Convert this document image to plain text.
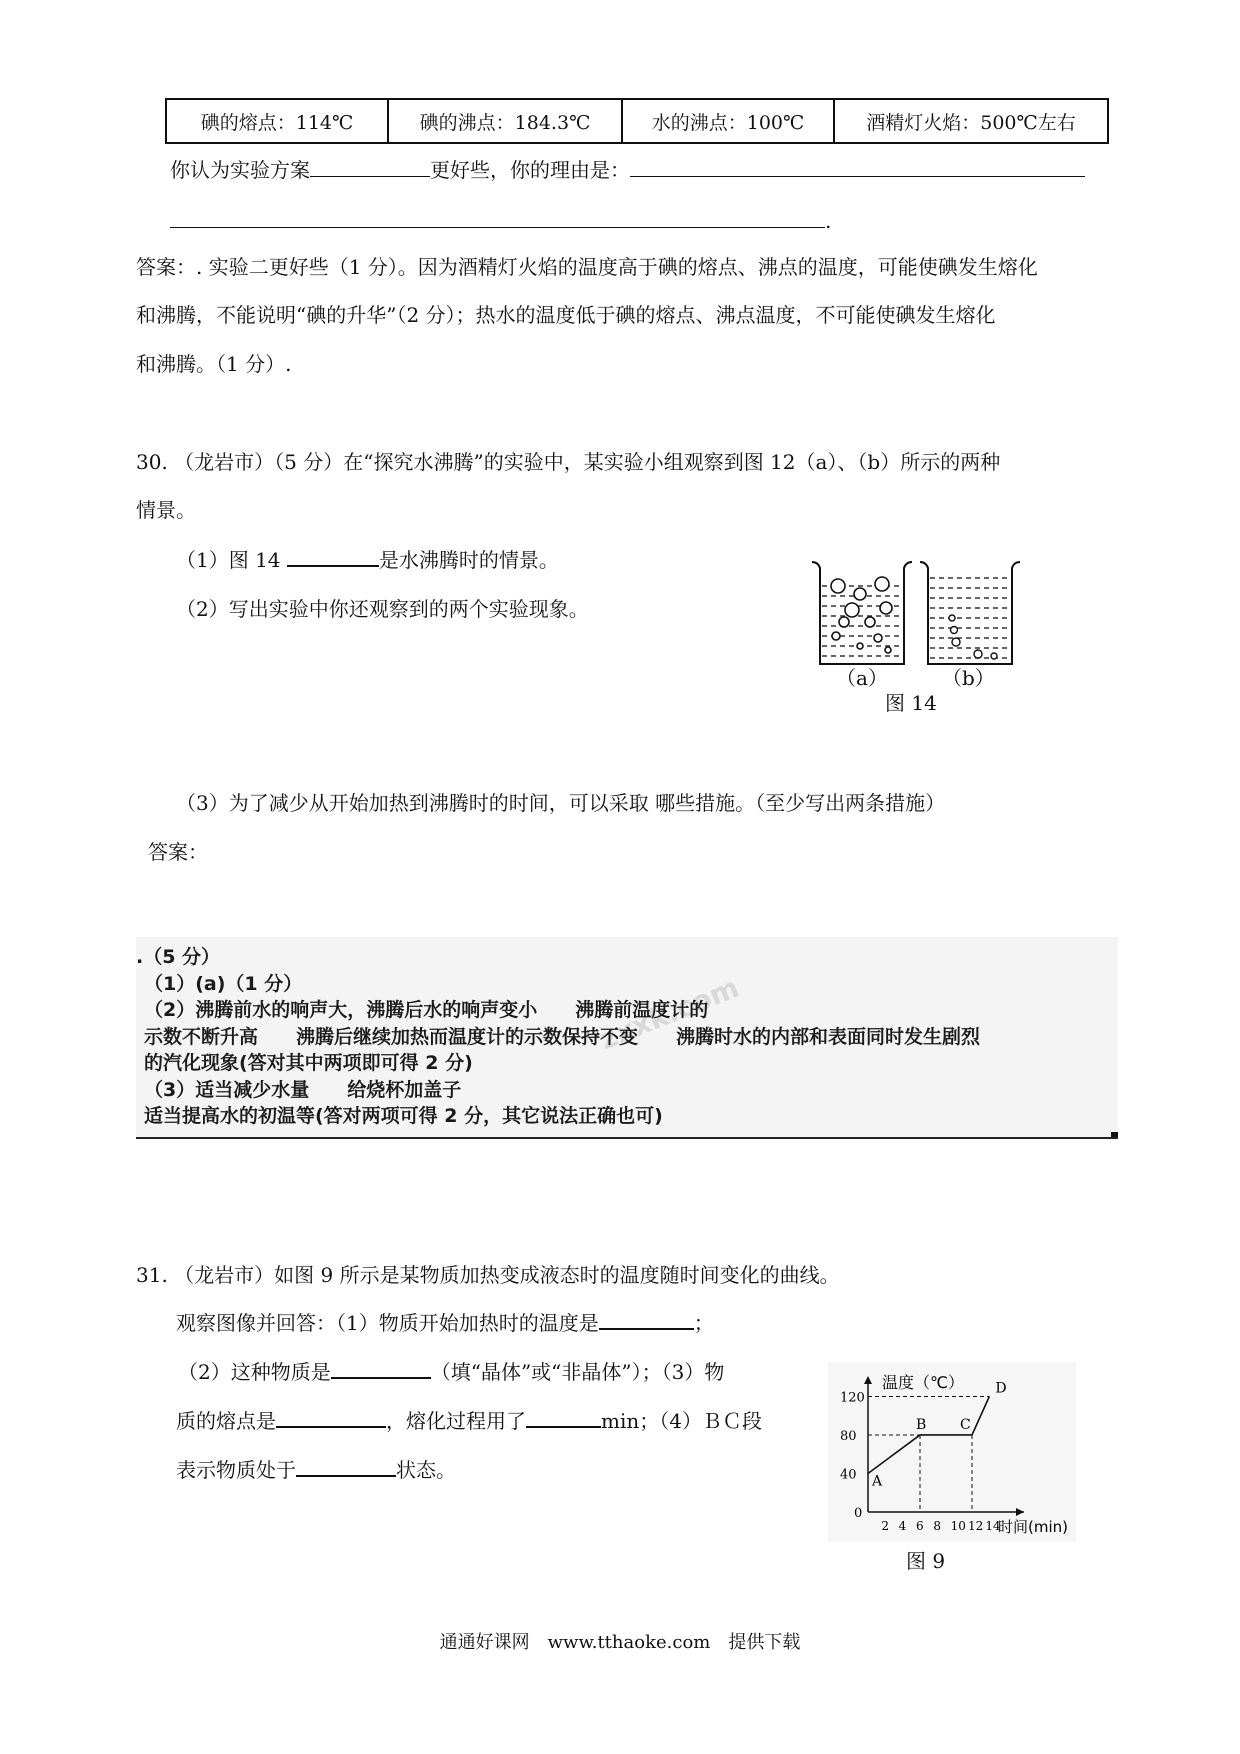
碘的熔点：114℃	碘的沸点：184.3℃	水的沸点：100℃	酒精灯火焰：500℃左右
你认为实验方案	更好些，你的理由是：
.
答案：. 实验二更好些（1 分）。因为酒精灯火焰的温度高于碘的熔点、沸点的温度，可能使碘发生熔化
和沸腾，不能说明“碘的升华”（2 分）；热水的温度低于碘的熔点、沸点温度，不可能使碘发生熔化
和沸腾。（1 分）.
30. （龙岩市）（5 分）在“探究水沸腾”的实验中，某实验小组观察到图 12（a）、（b）所示的两种
情景。
（1）图 14	是水沸腾时的情景。
（2）写出实验中你还观察到的两个实验现象。
（a）	（b）
图 14
（3）为了减少从开始加热到沸腾时的时间，可以采取 哪些措施。（至少写出两条措施）
答案：
zxxk.com
.（5 分）
（1）(a)（1 分）
（2）沸腾前水的响声大，沸腾后水的响声变小　　沸腾前温度计的
示数不断升高　　沸腾后继续加热而温度计的示数保持不变　　沸腾时水的内部和表面同时发生剧烈
的汽化现象(答对其中两项即可得 2 分)
（3）适当减少水量　　给烧杯加盖子
适当提高水的初温等(答对两项可得 2 分，其它说法正确也可)
31. （龙岩市）如图 9 所示是某物质加热变成液态时的温度随时间变化的曲线。
观察图像并回答：（1）物质开始加热时的温度是	；
（2）这种物质是	（填“晶体”或“非晶体”）；（3）物
质的熔点是	，熔化过程用了	min；（4）ＢＣ段
表示物质处于	状态。
温度（℃）
时间(min)
0
2 4 6 8 10 12 14
40
80
120
A
B C
D
图 9
通通好课网　www.tthaoke.com　提供下载
